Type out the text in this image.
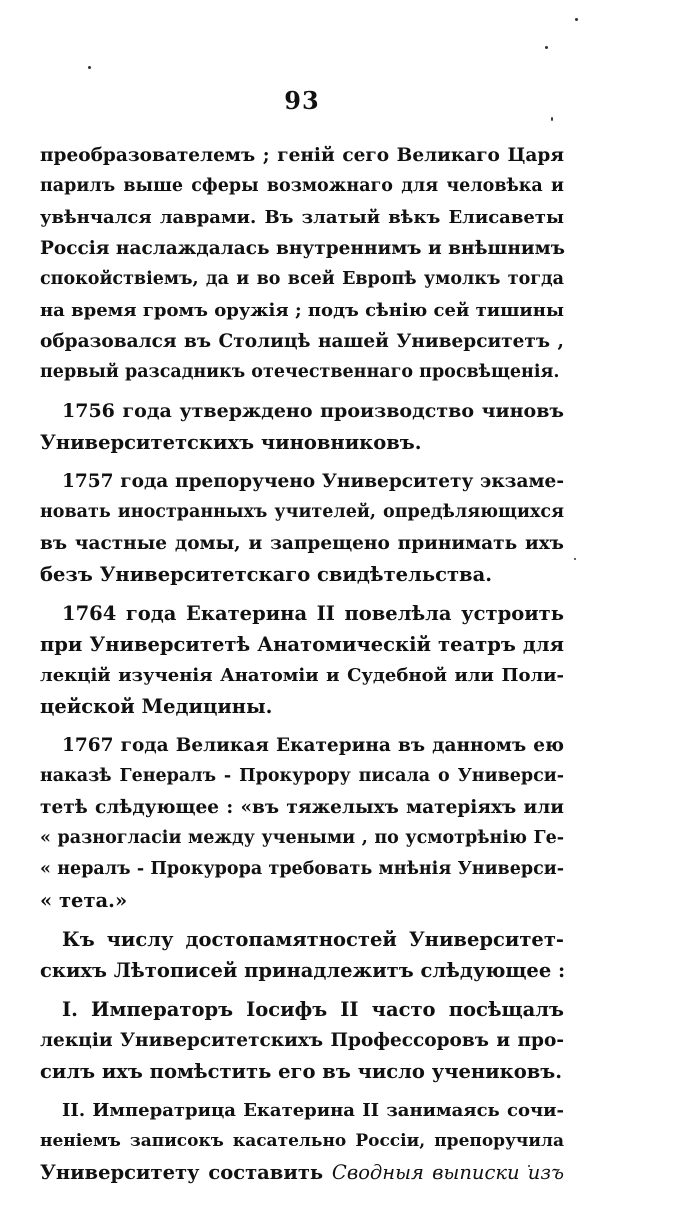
93
преобразователемъ ; генiй сего Великаго Царя
парилъ выше сферы возможнаго для человѣка и
увѣнчался лаврами. Въ златый вѣкъ Елисаветы
Россiя наслаждалась внутреннимъ и внѣшнимъ
спокойствiемъ, да и во всей Европѣ умолкъ тогда
на время громъ оружiя ; подъ сѣнiю сей тишины
образовался въ Столицѣ нашей Университетъ ,
первый разсадникъ отечественнаго просвѣщенiя.
1756 года утверждено производство чиновъ
Университетскихъ чиновниковъ.
1757 года препоручено Университету экзаме-
новать иностранныхъ учителей, опредѣляющихся
въ частные домы, и запрещено принимать ихъ
безъ Университетскаго свидѣтельства.
1764 года Екатерина II повелѣла устроить
при Университетѣ Анатомическiй театръ для
лекцiй изученiя Анатомiи и Судебной или Поли-
цейской Медицины.
1767 года Великая Екатерина въ данномъ ею
наказѣ Генералъ - Прокурору писала о Универси-
тетѣ слѣдующее : «въ тяжелыхъ матерiяхъ или
« разногласiи между учеными , по усмотрѣнiю Ге-
« нералъ - Прокурора требовать мнѣнiя Универси-
« тета.»
Къ числу достопамятностей Университет-
скихъ Лѣтописей принадлежитъ слѣдующее :
I. Императоръ Iосифъ II часто посѣщалъ
лекцiи Университетскихъ Профессоровъ и про-
силъ ихъ помѣстить его въ число учениковъ.
II. Императрица Екатерина II занимаясь сочи-
ненiемъ записокъ касательно Россiи, препоручила
Университету составить Сводныя выписки изъ
